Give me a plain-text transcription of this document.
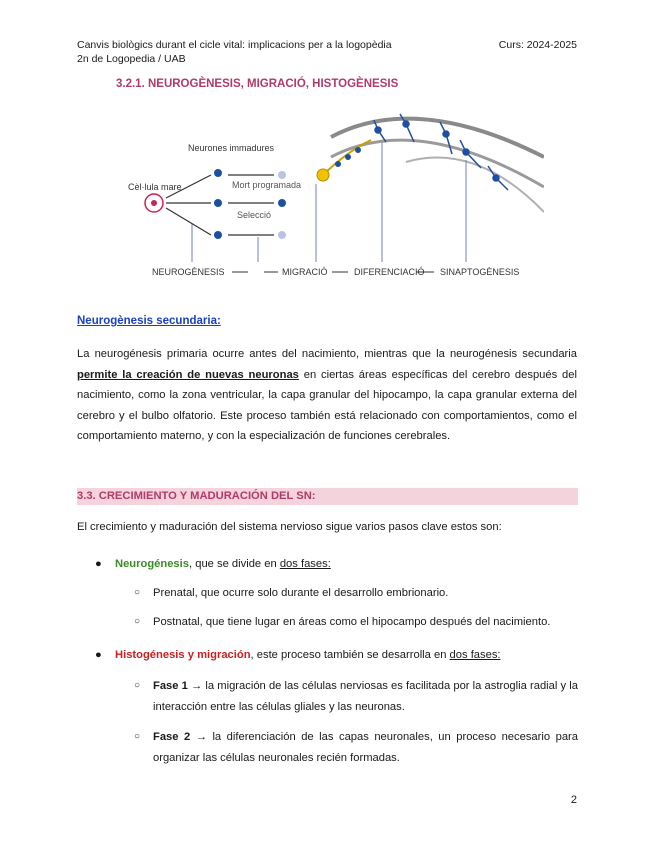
Canvis biològics durant el cicle vital: implicacions per a la logopèdia
2n de Logopedia / UAB
Curs: 2024-2025
3.2.1. NEUROGÈNESIS, MIGRACIÓ, HISTOGÈNESIS
Neurones immadures
Mort programada
Cèl·lula mare
Selecció
NEUROGÈNESIS	MIGRACIÓ	DIFERENCIACIÓ SINAPTOGÈNESIS
Neurogènesis secundaria:
La neurogénesis primaria ocurre antes del nacimiento, mientras que la neurogénesis secundaria permite la creación de nuevas neuronas en ciertas áreas específicas del cerebro después del nacimiento, como la zona ventricular, la capa granular del hipocampo, la capa granular externa del cerebro y el bulbo olfatorio. Este proceso también está relacionado con comportamientos, como el comportamiento materno, y con la especialización de funciones cerebrales.
3.3. CRECIMIENTO Y MADURACIÓN DEL SN:
El crecimiento y maduración del sistema nervioso sigue varios pasos clave estos son:
● Neurogénesis, que se divide en dos fases:
○ Prenatal, que ocurre solo durante el desarrollo embrionario.
○ Postnatal, que tiene lugar en áreas como el hipocampo después del nacimiento.
● Histogénesis y migración, este proceso también se desarrolla en dos fases:
○ Fase 1 → la migración de las células nerviosas es facilitada por la astroglia radial y la interacción entre las células gliales y las neuronas.
○ Fase 2 → la diferenciación de las capas neuronales, un proceso necesario para organizar las células neuronales recién formadas.
2
